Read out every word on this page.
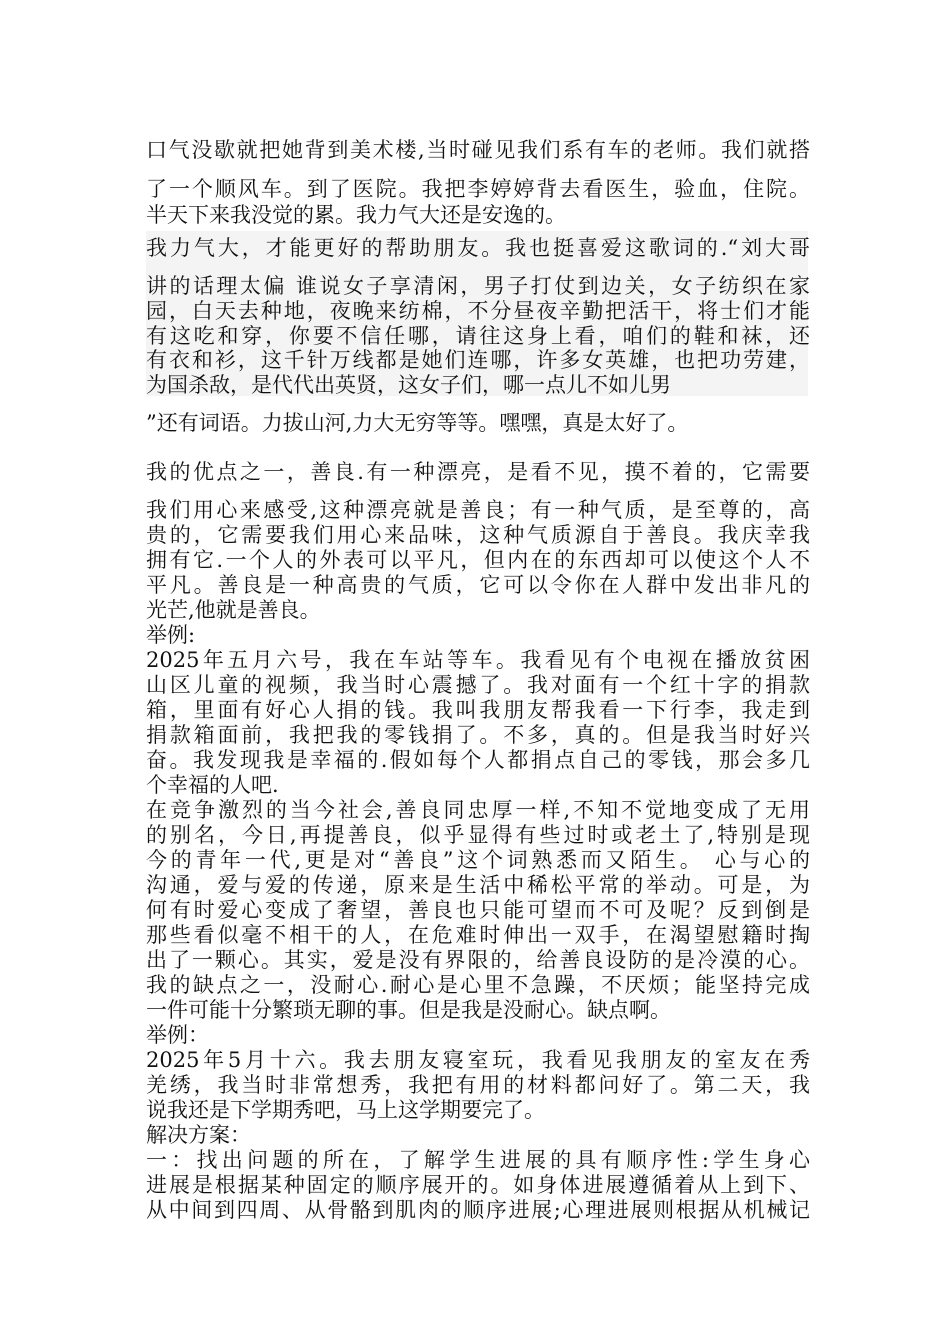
口气没歇就把她背到美术楼,当时碰见我们系有车的老师。我们就搭
了一个顺风车。到了医院。我把李婷婷背去看医生，验血，住院。
半天下来我没觉的累。我力气大还是安逸的。
我力气大，才能更好的帮助朋友。我也挺喜爱这歌词的.“刘大哥
讲的话理太偏 谁说女子享清闲，男子打仗到边关，女子纺织在家
园，白天去种地，夜晚来纺棉，不分昼夜辛勤把活干，将士们才能
有这吃和穿，你要不信任哪，请往这身上看，咱们的鞋和袜，还
有衣和衫，这千针万线都是她们连哪，许多女英雄，也把功劳建，
为国杀敌，是代代出英贤，这女子们，哪一点儿不如儿男
”还有词语。力拔山河,力大无穷等等。嘿嘿，真是太好了。
我的优点之一，善良.有一种漂亮，是看不见，摸不着的，它需要
我们用心来感受,这种漂亮就是善良；有一种气质，是至尊的，高
贵的，它需要我们用心来品味，这种气质源自于善良。我庆幸我
拥有它.一个人的外表可以平凡，但内在的东西却可以使这个人不
平凡。善良是一种高贵的气质，它可以令你在人群中发出非凡的
光芒,他就是善良。
举例:
2025年五月六号，我在车站等车。我看见有个电视在播放贫困
山区儿童的视频，我当时心震撼了。我对面有一个红十字的捐款
箱，里面有好心人捐的钱。我叫我朋友帮我看一下行李，我走到
捐款箱面前，我把我的零钱捐了。不多，真的。但是我当时好兴
奋。我发现我是幸福的.假如每个人都捐点自己的零钱，那会多几
个幸福的人吧.
在竞争激烈的当今社会,善良同忠厚一样,不知不觉地变成了无用
的别名，今日,再提善良，似乎显得有些过时或老土了,特别是现
今的青年一代,更是对“善良”这个词熟悉而又陌生。 心与心的
沟通，爱与爱的传递，原来是生活中稀松平常的举动。可是，为
何有时爱心变成了奢望，善良也只能可望而不可及呢？反到倒是
那些看似毫不相干的人，在危难时伸出一双手，在渴望慰籍时掏
出了一颗心。其实，爱是没有界限的，给善良设防的是冷漠的心。
我的缺点之一，没耐心.耐心是心里不急躁，不厌烦；能坚持完成
一件可能十分繁琐无聊的事。但是我是没耐心。缺点啊。
举例：
2025年5月十六。我去朋友寝室玩，我看见我朋友的室友在秀
羌绣，我当时非常想秀，我把有用的材料都问好了。第二天，我
说我还是下学期秀吧，马上这学期要完了。
解决方案：
一：找出问题的所在，了解学生进展的具有顺序性:学生身心
进展是根据某种固定的顺序展开的。如身体进展遵循着从上到下、
从中间到四周、从骨骼到肌肉的顺序进展;心理进展则根据从机械记
